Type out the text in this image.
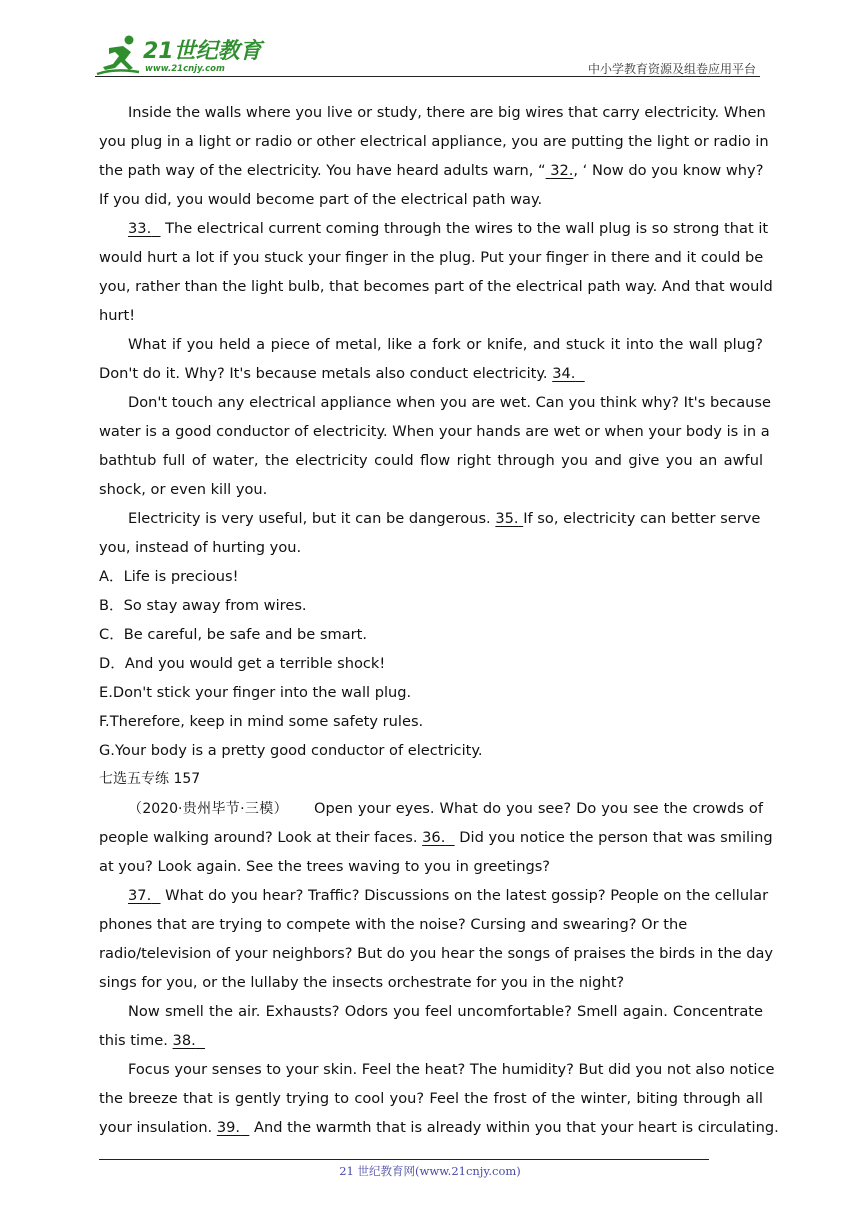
21世纪教育
www.21cnjy.com	中小学教育资源及组卷应用平台
Inside the walls where you live or study, there are big wires that carry electricity. When
you plug in a light or radio or other electrical appliance, you are putting the light or radio in
the path way of the electricity. You have heard adults warn, “ 32., ‘ Now do you know why?
If you did, you would become part of the electrical path way.
33.   The electrical current coming through the wires to the wall plug is so strong that it
would hurt a lot if you stuck your finger in the plug. Put your finger in there and it could be
you, rather than the light bulb, that becomes part of the electrical path way. And that would
hurt!
What if you held a piece of metal, like a fork or knife, and stuck it into the wall plug?
Don't do it. Why? It's because metals also conduct electricity. 34.
Don't touch any electrical appliance when you are wet. Can you think why? It's because
water is a good conductor of electricity. When your hands are wet or when your body is in a
bathtub full of water, the electricity could flow right through you and give you an awful
shock, or even kill you.
Electricity is very useful, but it can be dangerous. 35. If so, electricity can better serve
you, instead of hurting you.
A．Life is precious!
B．So stay away from wires.
C．Be careful, be safe and be smart.
D．And you would get a terrible shock!
E.Don't stick your finger into the wall plug.
F.Therefore, keep in mind some safety rules.
G.Your body is a pretty good conductor of electricity.
七选五专练 157
（2020·贵州毕节·三模） Open your eyes. What do you see? Do you see the crowds of
people walking around? Look at their faces. 36.   Did you notice the person that was smiling
at you? Look again. See the trees waving to you in greetings?
37.   What do you hear? Traffic? Discussions on the latest gossip? People on the cellular
phones that are trying to compete with the noise? Cursing and swearing? Or the
radio/television of your neighbors? But do you hear the songs of praises the birds in the day
sings for you, or the lullaby the insects orchestrate for you in the night?
Now smell the air. Exhausts? Odors you feel uncomfortable? Smell again. Concentrate
this time. 38.
Focus your senses to your skin. Feel the heat? The humidity? But did you not also notice
the breeze that is gently trying to cool you? Feel the frost of the winter, biting through all
your insulation. 39.   And the warmth that is already within you that your heart is circulating.
21 世纪教育网(www.21cnjy.com)
